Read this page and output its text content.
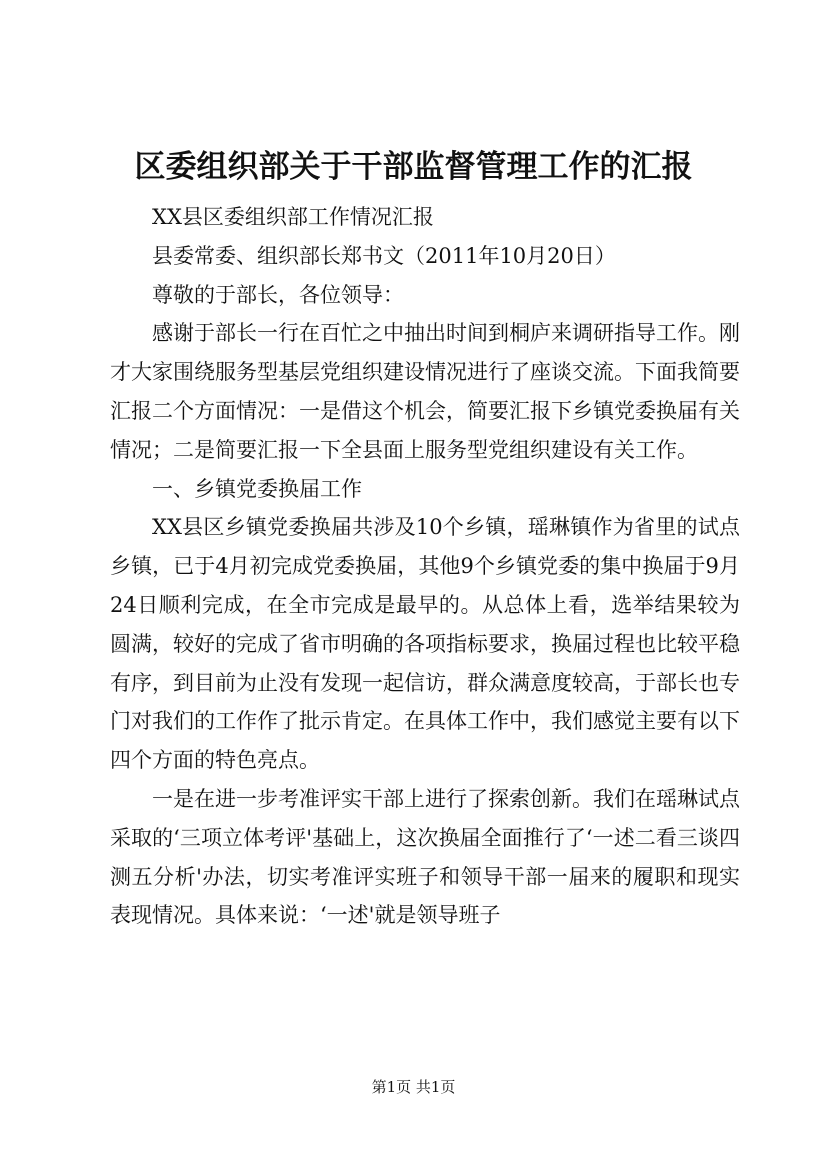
区委组织部关于干部监督管理工作的汇报

XX县区委组织部工作情况汇报

县委常委、组织部长郑书文（2011年10月20日）

尊敬的于部长，各位领导：

感谢于部长一行在百忙之中抽出时间到桐庐来调研指导工作。刚才大家围绕服务型基层党组织建设情况进行了座谈交流。下面我简要汇报二个方面情况：一是借这个机会，简要汇报下乡镇党委换届有关情况；二是简要汇报一下全县面上服务型党组织建设有关工作。

一、乡镇党委换届工作

XX县区乡镇党委换届共涉及10个乡镇，瑶琳镇作为省里的试点乡镇，已于4月初完成党委换届，其他9个乡镇党委的集中换届于9月24日顺利完成，在全市完成是最早的。从总体上看，选举结果较为圆满，较好的完成了省市明确的各项指标要求，换届过程也比较平稳有序，到目前为止没有发现一起信访，群众满意度较高，于部长也专门对我们的工作作了批示肯定。在具体工作中，我们感觉主要有以下四个方面的特色亮点。

一是在进一步考准评实干部上进行了探索创新。我们在瑶琳试点采取的‘三项立体考评'基础上，这次换届全面推行了‘一述二看三谈四测五分析'办法，切实考准评实班子和领导干部一届来的履职和现实表现情况。具体来说：‘一述'就是领导班子

第1页 共1页
